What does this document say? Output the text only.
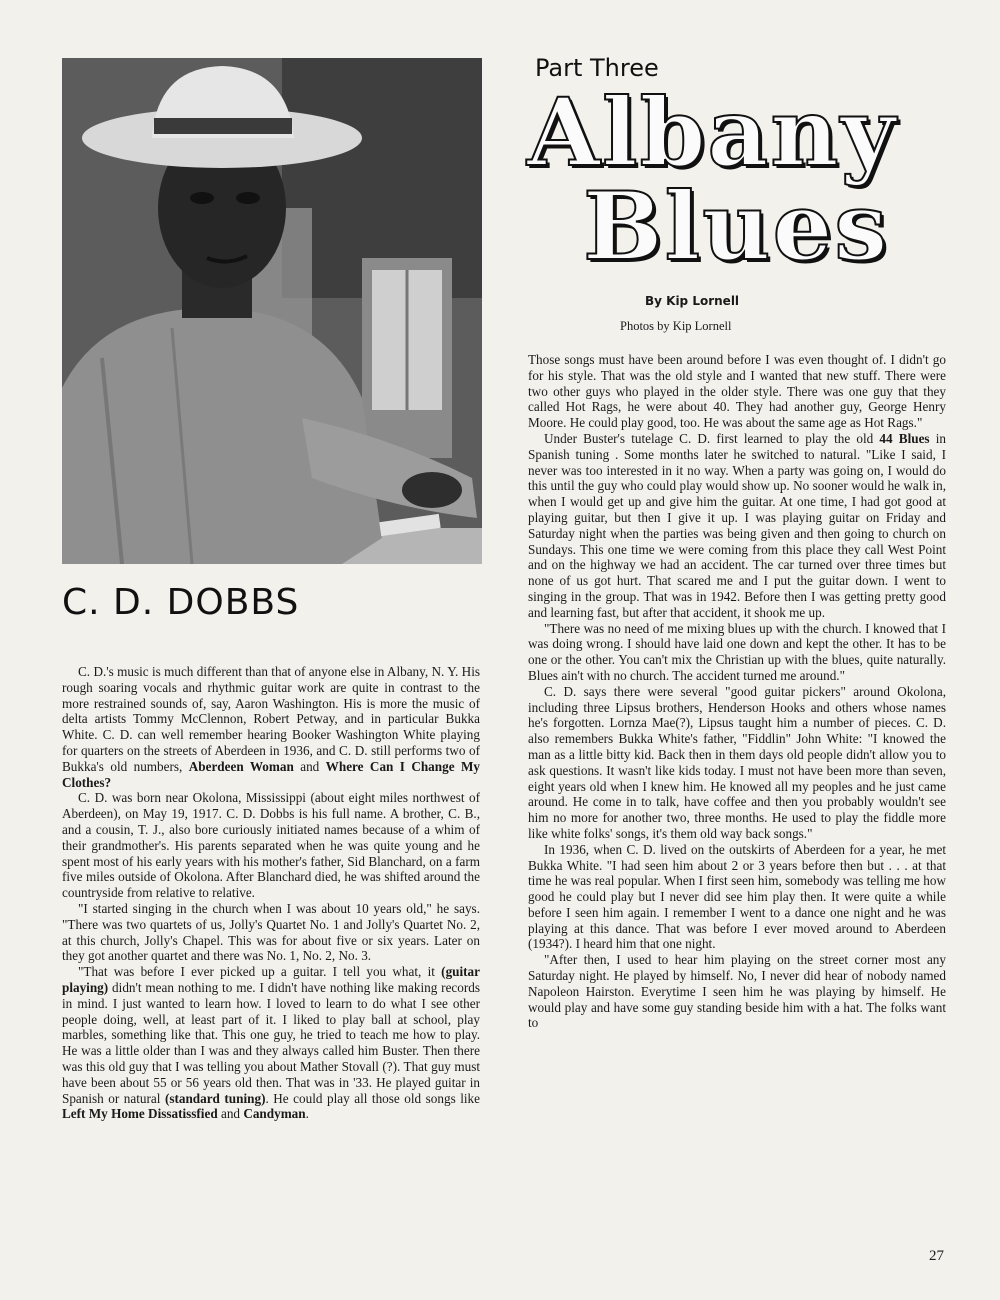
C. D. DOBBS

Part Three

Albany
Blues

By Kip Lornell

Photos by Kip Lornell

C. D.'s music is much different than that of anyone else in Albany, N. Y. His rough soaring vocals and rhythmic guitar work are quite in contrast to the more restrained sounds of, say, Aaron Washington. His is more the music of delta artists Tommy McClennon, Robert Petway, and in particular Bukka White. C. D. can well remember hearing Booker Washington White playing for quarters on the streets of Aberdeen in 1936, and C. D. still performs two of Bukka's old numbers, Aberdeen Woman and Where Can I Change My Clothes?

C. D. was born near Okolona, Mississippi (about eight miles northwest of Aberdeen), on May 19, 1917. C. D. Dobbs is his full name. A brother, C. B., and a cousin, T. J., also bore curiously initiated names because of a whim of their grandmother's. His parents separated when he was quite young and he spent most of his early years with his mother's father, Sid Blanchard, on a farm five miles outside of Okolona. After Blanchard died, he was shifted around the countryside from relative to relative.

"I started singing in the church when I was about 10 years old," he says. "There was two quartets of us, Jolly's Quartet No. 1 and Jolly's Quartet No. 2, at this church, Jolly's Chapel. This was for about five or six years. Later on they got another quartet and there was No. 1, No. 2, No. 3.

"That was before I ever picked up a guitar. I tell you what, it (guitar playing) didn't mean nothing to me. I didn't have nothing like making records in mind. I just wanted to learn how. I loved to learn to do what I see other people doing, well, at least part of it. I liked to play ball at school, play marbles, something like that. This one guy, he tried to teach me how to play. He was a little older than I was and they always called him Buster. Then there was this old guy that I was telling you about Mather Stovall (?). That guy must have been about 55 or 56 years old then. That was in '33. He played guitar in Spanish or natural (standard tuning). He could play all those old songs like Left My Home Dissatissfied and Candyman.

Those songs must have been around before I was even thought of. I didn't go for his style. That was the old style and I wanted that new stuff. There were two other guys who played in the older style. There was one guy that they called Hot Rags, he were about 40. They had another guy, George Henry Moore. He could play good, too. He was about the same age as Hot Rags."

Under Buster's tutelage C. D. first learned to play the old 44 Blues in Spanish tuning . Some months later he switched to natural. "Like I said, I never was too interested in it no way. When a party was going on, I would do this until the guy who could play would show up. No sooner would he walk in, when I would get up and give him the guitar. At one time, I had got good at playing guitar, but then I give it up. I was playing guitar on Friday and Saturday night when the parties was being given and then going to church on Sundays. This one time we were coming from this place they call West Point and on the highway we had an accident. The car turned over three times but none of us got hurt. That scared me and I put the guitar down. I went to singing in the group. That was in 1942. Before then I was getting pretty good and learning fast, but after that accident, it shook me up.

"There was no need of me mixing blues up with the church. I knowed that I was doing wrong. I should have laid one down and kept the other. It has to be one or the other. You can't mix the Christian up with the blues, quite naturally. Blues ain't with no church. The accident turned me around."

C. D. says there were several "good guitar pickers" around Okolona, including three Lipsus brothers, Henderson Hooks and others whose names he's forgotten. Lornza Mae(?), Lipsus taught him a number of pieces. C. D. also remembers Bukka White's father, "Fiddlin" John White: "I knowed the man as a little bitty kid. Back then in them days old people didn't allow you to ask questions. It wasn't like kids today. I must not have been more than seven, eight years old when I knew him. He knowed all my peoples and he just came around. He come in to talk, have coffee and then you probably wouldn't see him no more for another two, three months. He used to play the fiddle more like white folks' songs, it's them old way back songs."

In 1936, when C. D. lived on the outskirts of Aberdeen for a year, he met Bukka White. "I had seen him about 2 or 3 years before then but . . . at that time he was real popular. When I first seen him, somebody was telling me how good he could play but I never did see him play then. It were quite a while before I seen him again. I remember I went to a dance one night and he was playing at this dance. That was before I ever moved around to Aberdeen (1934?). I heard him that one night.

"After then, I used to hear him playing on the street corner most any Saturday night. He played by himself. No, I never did hear of nobody named Napoleon Hairston. Everytime I seen him he was playing by himself. He would play and have some guy standing beside him with a hat. The folks want to

27
